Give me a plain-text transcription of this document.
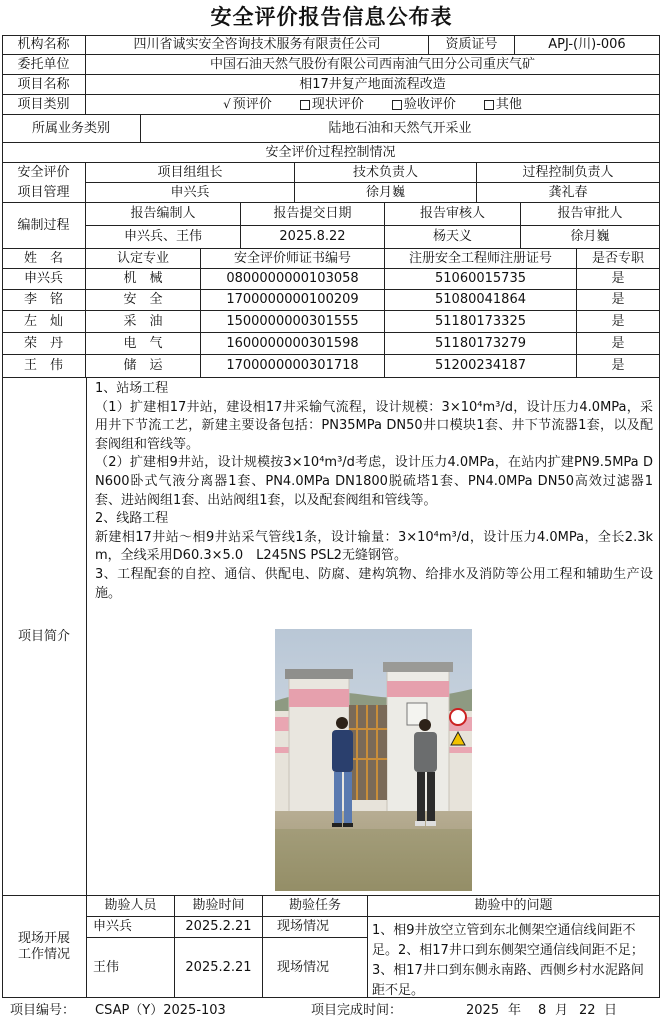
安全评价报告信息公布表
机构名称	四川省诚实安全咨询技术服务有限责任公司	资质证号	APJ-(川)-006
委托单位	中国石油天然气股份有限公司西南油气田分公司重庆气矿
项目名称	相17井复产地面流程改造
项目类别	√ 预评价	现状评价	验收评价	其他
所属业务类别	陆地石油和天然气开采业
安全评价过程控制情况
安全评价
项目管理
项目组组长	技术负责人	过程控制负责人
申兴兵	徐月巍	龚礼春
编制过程
报告编制人	报告提交日期	报告审核人	报告审批人
申兴兵、王伟	2025.8.22	杨天义	徐月巍
姓　名	认定专业	安全评价师证书编号	注册安全工程师注册证号	是否专职
申兴兵	机　械	0800000000103058	51060015735	是
李　铭	安　全	1700000000100209	51080041864	是
左　灿	采　油	1500000000301555	51180173325	是
荣　丹	电　气	1600000000301598	51180173279	是
王　伟	储　运	1700000000301718	51200234187	是
项目简介

1、站场工程

（1）扩建相17井站，建设相17井采输气流程，设计规模：3×10⁴m³/d，设计压力4.0MPa，采用井下节流工艺，新建主要设备包括：PN35MPa DN50井口模块1套、井下节流器1套，以及配套阀组和管线等。

（2）扩建相9井站，设计规模按3×10⁴m³/d考虑，设计压力4.0MPa，在站内扩建PN9.5MPa DN600卧式气液分离器1套、PN4.0MPa DN1800脱硫塔1套、PN4.0MPa DN50高效过滤器1套、进站阀组1套、出站阀组1套，以及配套阀组和管线等。

2、线路工程

新建相17井站～相9井站采气管线1条，设计输量：3×10⁴m³/d，设计压力4.0MPa，全长2.3km，全线采用D60.3×5.0　L245NS PSL2无缝钢管。

3、工程配套的自控、通信、供配电、防腐、建构筑物、给排水及消防等公用工程和辅助生产设施。

现场开展
工作情况
勘验人员	勘验时间	勘验任务	勘验中的问题
申兴兵	2025.2.21	现场情况
王伟	2025.2.21	现场情况
1、相9井放空立管到东北侧架空通信线间距不足。2、相17井口到东侧架空通信线间距不足；3、相17井口到东侧永南路、西侧乡村水泥路间距不足。
项目编号： CSAP（Y）2025-103	项目完成时间：	2025 年 8 月 22 日
